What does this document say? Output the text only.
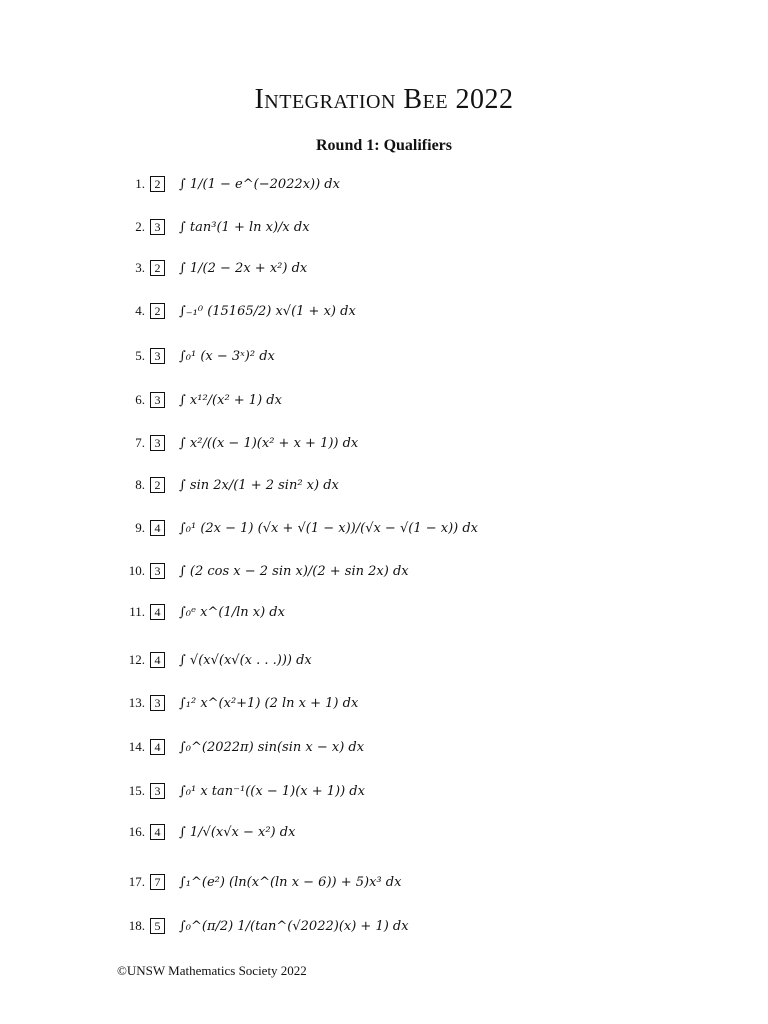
Integration Bee 2022
Round 1: Qualifiers
1. 2	∫ 1/(1 − e^(−2022x)) dx
2. 3	∫ tan³(1 + ln x)/x dx
3. 2	∫ 1/(2 − 2x + x²) dx
4. 2	∫₋₁⁰ (15165/2) x√(1 + x) dx
5. 3	∫₀¹ (x − 3ˣ)² dx
6. 3	∫ x¹²/(x² + 1) dx
7. 3	∫ x²/((x − 1)(x² + x + 1)) dx
8. 2	∫ sin 2x/(1 + 2 sin² x) dx
9. 4	∫₀¹ (2x − 1) (√x + √(1 − x))/(√x − √(1 − x)) dx
10. 3	∫ (2 cos x − 2 sin x)/(2 + sin 2x) dx
11. 4	∫₀ᵉ x^(1/ln x) dx
12. 4	∫ √(x√(x√(x . . .))) dx
13. 3	∫₁² x^(x²+1) (2 ln x + 1) dx
14. 4	∫₀^(2022π) sin(sin x − x) dx
15. 3	∫₀¹ x tan⁻¹((x − 1)(x + 1)) dx
16. 4	∫ 1/√(x√x − x²) dx
17. 7	∫₁^(e²) (ln(x^(ln x − 6)) + 5)x³ dx
18. 5	∫₀^(π/2) 1/(tan^(√2022)(x) + 1) dx
©UNSW Mathematics Society 2022
